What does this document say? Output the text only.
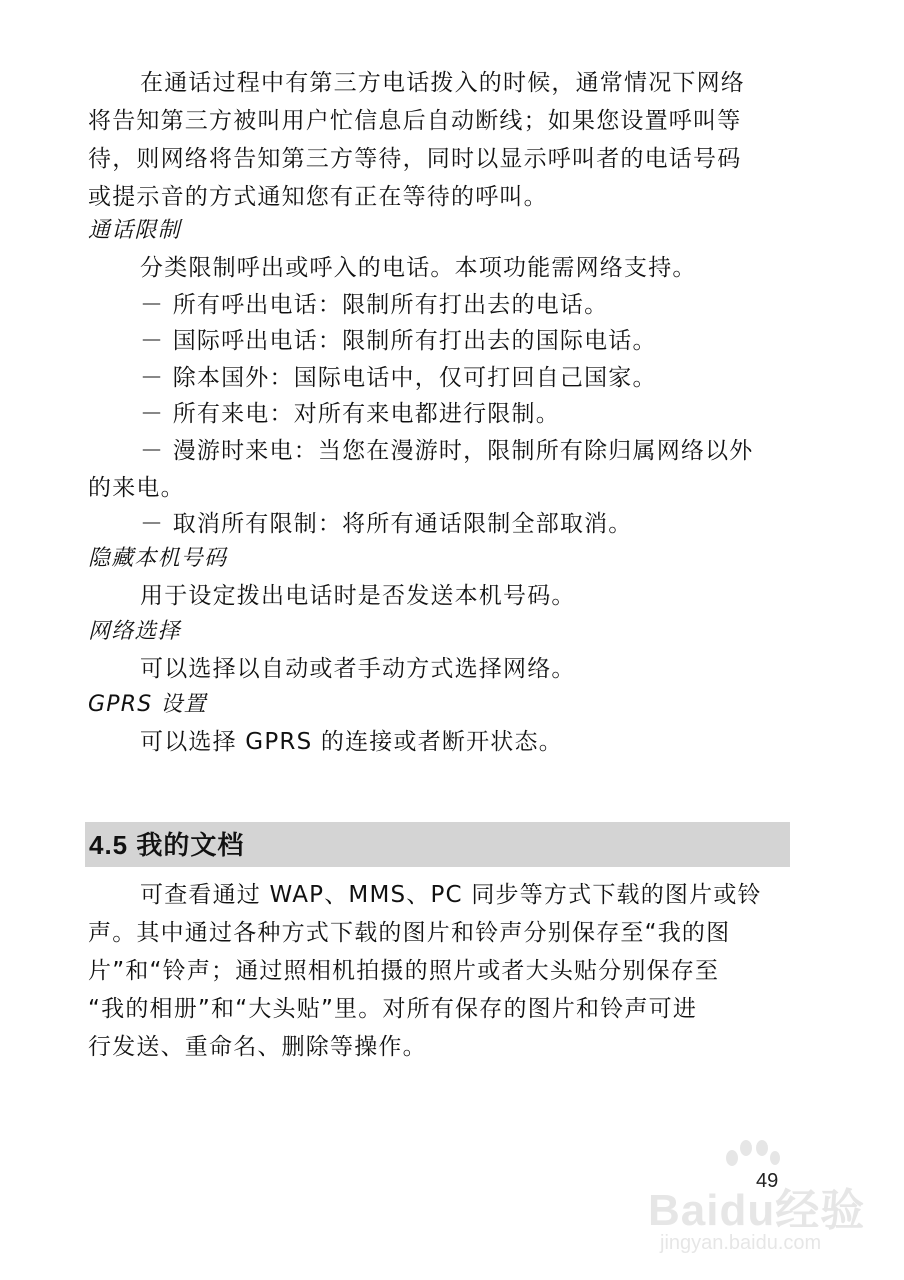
在通话过程中有第三方电话拨入的时候，通常情况下网络

将告知第三方被叫用户忙信息后自动断线；如果您设置呼叫等

待，则网络将告知第三方等待，同时以显示呼叫者的电话号码

或提示音的方式通知您有正在等待的呼叫。

通话限制

分类限制呼出或呼入的电话。本项功能需网络支持。

－ 所有呼出电话：限制所有打出去的电话。

－ 国际呼出电话：限制所有打出去的国际电话。

－ 除本国外：国际电话中，仅可打回自己国家。

－ 所有来电：对所有来电都进行限制。

－ 漫游时来电：当您在漫游时，限制所有除归属网络以外

的来电。

－ 取消所有限制：将所有通话限制全部取消。

隐藏本机号码

用于设定拨出电话时是否发送本机号码。

网络选择

可以选择以自动或者手动方式选择网络。

GPRS 设置

可以选择 GPRS 的连接或者断开状态。

4.5 我的文档

可查看通过 WAP、MMS、PC 同步等方式下载的图片或铃

声。其中通过各种方式下载的图片和铃声分别保存至“我的图

片”和“铃声；通过照相机拍摄的照片或者大头贴分别保存至

“我的相册”和“大头贴”里。对所有保存的图片和铃声可进

行发送、重命名、删除等操作。

Baidu经验
jingyan.baidu.com
49
